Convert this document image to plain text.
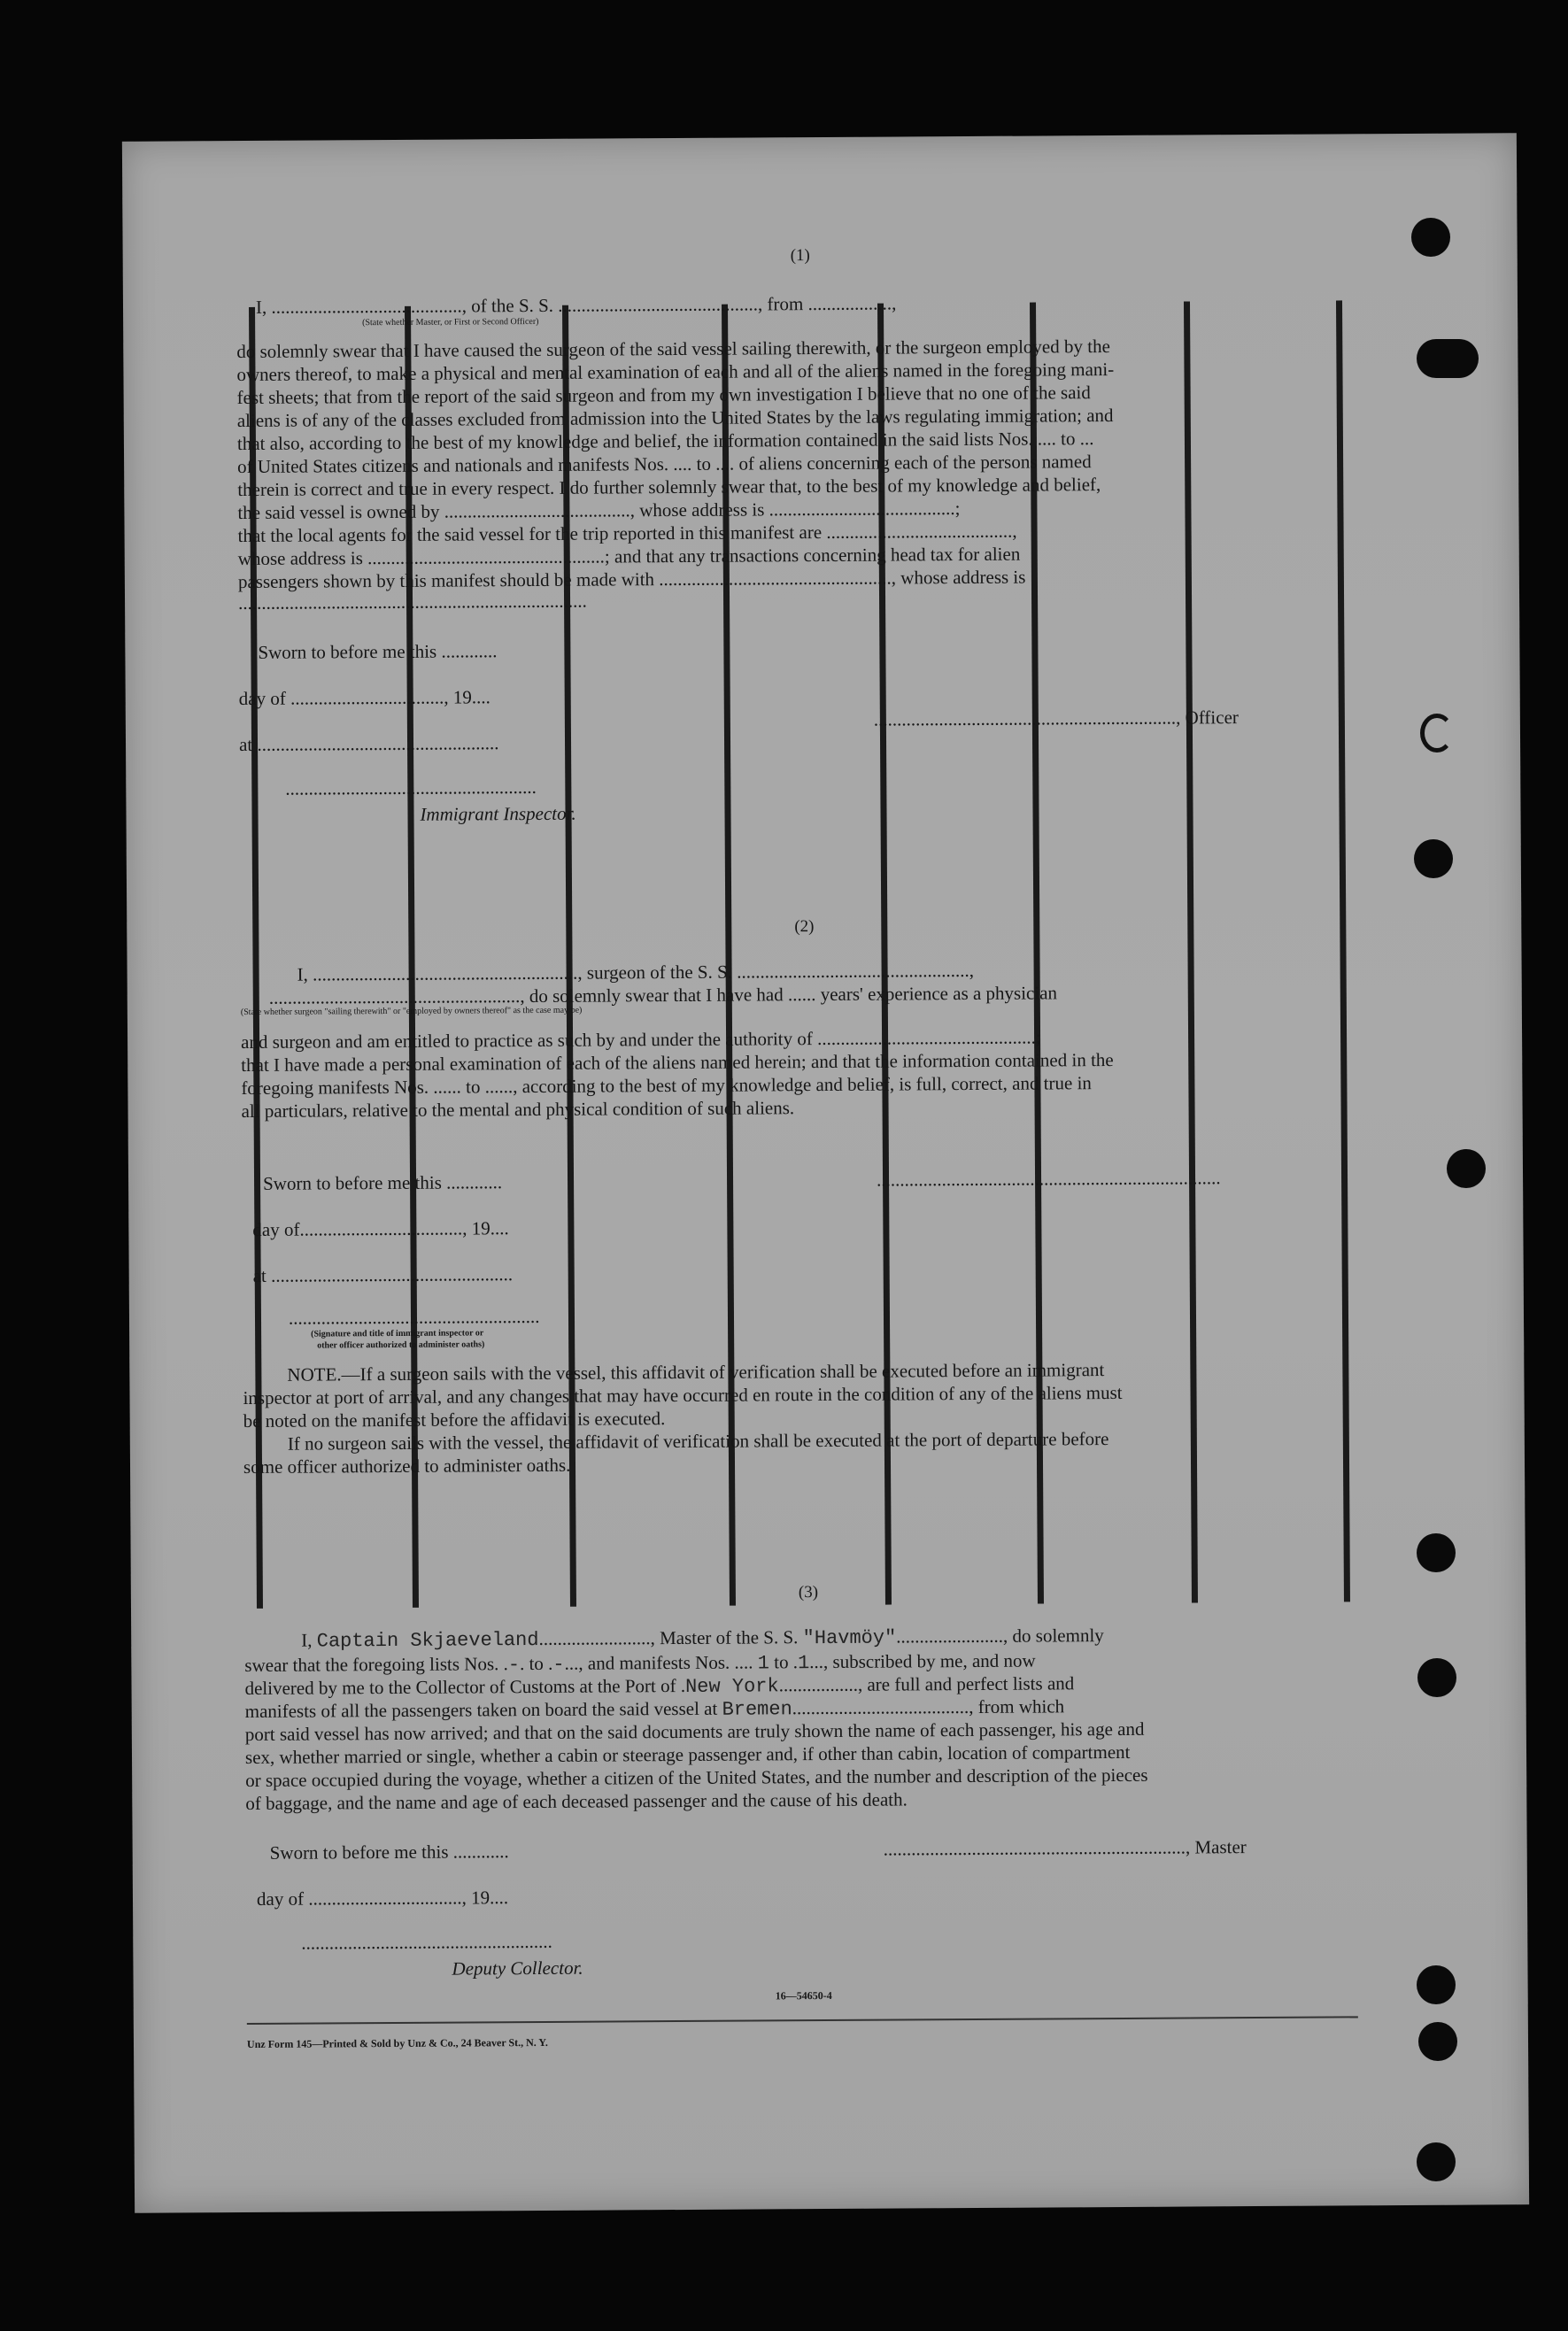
(1)
I, ........................................., of the S. S. ..........................................., from ..................,
(State whether Master, or First or Second Officer)
do solemnly swear that I have caused the surgeon of the said vessel sailing therewith, or the surgeon employed by the
owners thereof, to make a physical and mental examination of each and all of the aliens named in the foregoing mani-
fest sheets; that from the report of the said surgeon and from my own investigation I believe that no one of the said
aliens is of any of the classes excluded from admission into the United States by the laws regulating immigration; and
that also, according to the best of my knowledge and belief, the information contained in the said lists Nos. .... to ...
of United States citizens and nationals and manifests Nos. .... to .... of aliens concerning each of the persons named
therein is correct and true in every respect. I do further solemnly swear that, to the best of my knowledge and belief,
the said vessel is owned by ........................................, whose address is ........................................;
that the local agents for the said vessel for the trip reported in this manifest are ........................................,
whose address is ...................................................; and that any transactions concerning head tax for alien
passengers shown by this manifest should be made with .................................................., whose address is
...........................................................................
Sworn to before me this ............
day of ................................., 19....
................................................................., Officer
at ....................................................
......................................................
Immigrant Inspector.
(2)
I, ........................................................., surgeon of the S. S. ..................................................,
......................................................, do solemnly swear that I have had ...... years' experience as a physician
(State whether surgeon "sailing therewith" or "employed by owners thereof" as the case may be)
and surgeon and am entitled to practice as such by and under the authority of ...............................................;
that I have made a personal examination of each of the aliens named herein; and that the information contained in the
foregoing manifests Nos. ...... to ......, according to the best of my knowledge and belief, is full, correct, and true in
all particulars, relative to the mental and physical condition of such aliens.
Sworn to before me this ............	..........................................................................
day of..................................., 19....
at ....................................................
......................................................
(Signature and title of immigrant inspector or
other officer authorized to administer oaths)
NOTE.—If a surgeon sails with the vessel, this affidavit of verification shall be executed before an immigrant
inspector at port of arrival, and any changes that may have occurred en route in the condition of any of the aliens must
be noted on the manifest before the affidavit is executed.
If no surgeon sails with the vessel, the affidavit of verification shall be executed at the port of departure before
some officer authorized to administer oaths.
(3)
I, Captain Skjaeveland........................, Master of the S. S. "Havmöy"......................., do solemnly
swear that the foregoing lists Nos. .-. to .-..., and manifests Nos. .... 1 to .1..., subscribed by me, and now
delivered by me to the Collector of Customs at the Port of .New York................., are full and perfect lists and
manifests of all the passengers taken on board the said vessel at Bremen......................................, from which
port said vessel has now arrived; and that on the said documents are truly shown the name of each passenger, his age and
sex, whether married or single, whether a cabin or steerage passenger and, if other than cabin, location of compartment
or space occupied during the voyage, whether a citizen of the United States, and the number and description of the pieces
of baggage, and the name and age of each deceased passenger and the cause of his death.
Sworn to before me this ............	................................................................., Master
day of ................................., 19....
......................................................
Deputy Collector.
16—54650-4
Unz Form 145—Printed & Sold by Unz & Co., 24 Beaver St., N. Y.
